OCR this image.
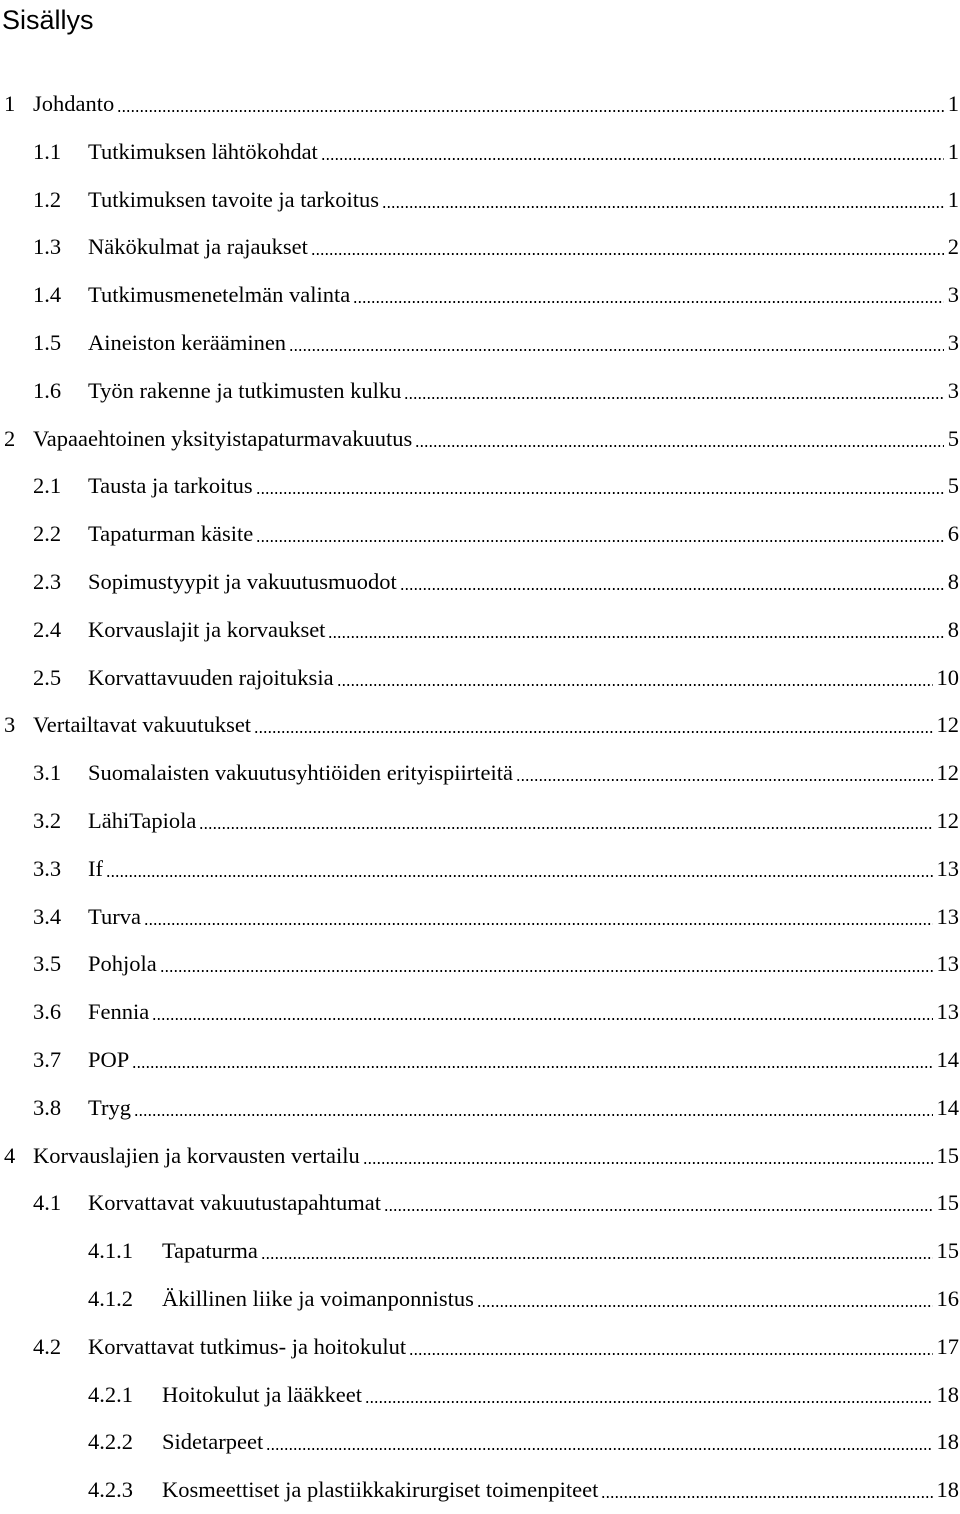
Sisällys
1 Johdanto	1
1.1 Tutkimuksen lähtökohdat	1
1.2 Tutkimuksen tavoite ja tarkoitus	1
1.3 Näkökulmat ja rajaukset	2
1.4 Tutkimusmenetelmän valinta	3
1.5 Aineiston kerääminen	3
1.6 Työn rakenne ja tutkimusten kulku	3
2 Vapaaehtoinen yksityistapaturmavakuutus	5
2.1 Tausta ja tarkoitus	5
2.2 Tapaturman käsite	6
2.3 Sopimustyypit ja vakuutusmuodot	8
2.4 Korvauslajit ja korvaukset	8
2.5 Korvattavuuden rajoituksia	10
3 Vertailtavat vakuutukset	12
3.1 Suomalaisten vakuutusyhtiöiden erityispiirteitä	12
3.2 LähiTapiola	12
3.3 If	13
3.4 Turva	13
3.5 Pohjola	13
3.6 Fennia	13
3.7 POP	14
3.8 Tryg	14
4 Korvauslajien ja korvausten vertailu	15
4.1 Korvattavat vakuutustapahtumat	15
4.1.1 Tapaturma	15
4.1.2 Äkillinen liike ja voimanponnistus	16
4.2 Korvattavat tutkimus- ja hoitokulut	17
4.2.1 Hoitokulut ja lääkkeet	18
4.2.2 Sidetarpeet	18
4.2.3 Kosmeettiset ja plastiikkakirurgiset toimenpiteet	18
